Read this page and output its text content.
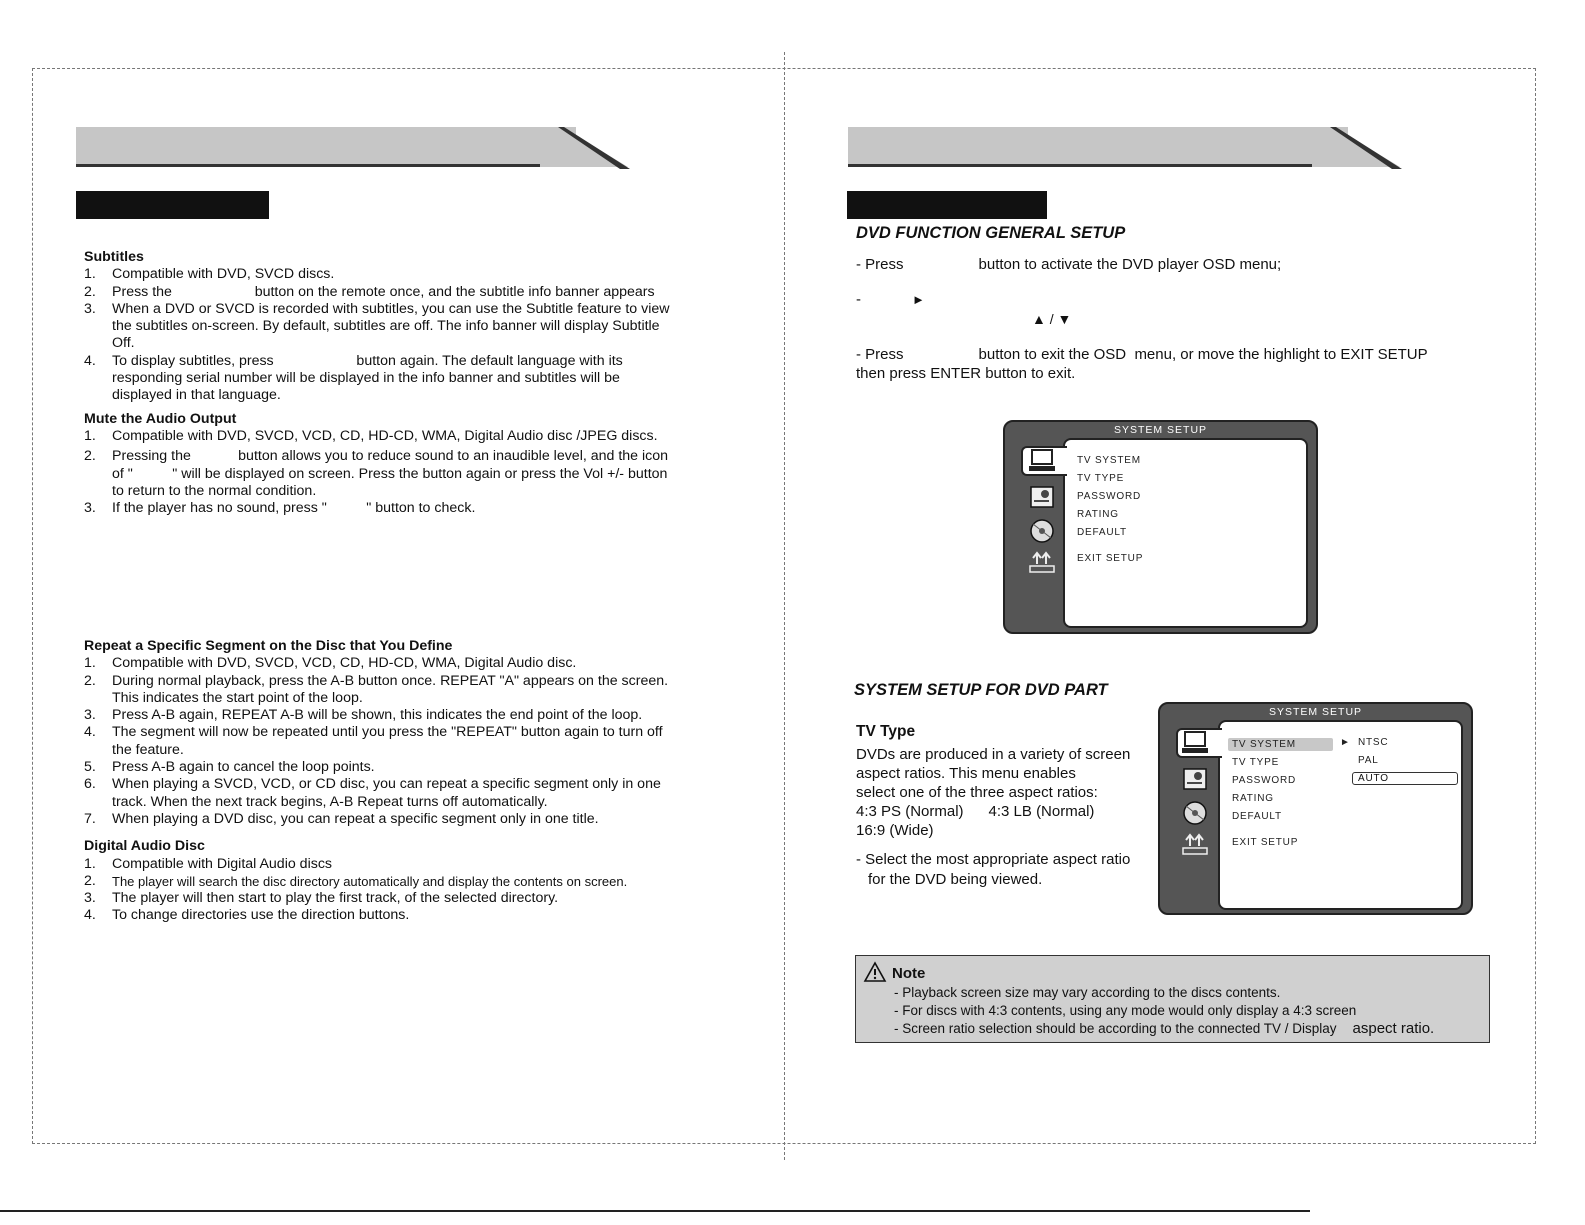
Subtitles

1. Compatible with DVD, SVCD discs.

2. Press the                     button on the remote once, and the subtitle info banner appears

3. When a DVD or SVCD is recorded with subtitles, you can use the Subtitle feature to view the subtitles on-screen. By default, subtitles are off. The info banner will display Subtitle Off.

4. To display subtitles, press                     button again. The default language with its responding serial number will be displayed in the info banner and subtitles will be displayed in that language.

Mute the Audio Output

1. Compatible with DVD, SVCD, VCD, CD, HD-CD, WMA, Digital Audio disc /JPEG discs.

2. Pressing the            button allows you to reduce sound to an inaudible level, and the icon of "          " will be displayed on screen. Press the button again or press the Vol +/- button to return to the normal condition.

3. If the player has no sound, press "          " button to check.

Repeat a Specific Segment on the Disc that You Define

1. Compatible with DVD, SVCD, VCD, CD, HD-CD, WMA, Digital Audio disc.

2. During normal playback, press the A-B button once. REPEAT "A" appears on the screen. This indicates the start point of the loop.

3. Press A-B again, REPEAT A-B will be shown, this indicates the end point of the loop.

4. The segment will now be repeated until you press the "REPEAT" button again to turn off the feature.

5. Press A-B again to cancel the loop points.

6. When playing a SVCD, VCD, or CD disc, you can repeat a specific segment only in one track. When the next track begins, A-B Repeat turns off automatically.

7. When playing a DVD disc, you can repeat a specific segment only in one title.

Digital Audio Disc

1. Compatible with Digital Audio discs

2. The player will search the disc directory automatically and display the contents on screen.

3. The player will then start to play the first track, of the selected directory.

4. To change directories use the direction buttons.

DVD FUNCTION GENERAL SETUP
- Press                  button to activate the DVD player OSD menu;
-	►
▲ / ▼
- Press                  button to exit the OSD  menu, or move the highlight to EXIT SETUP
then press ENTER button to exit.
SYSTEM SETUP
TV SYSTEM
TV TYPE
PASSWORD
RATING
DEFAULT
EXIT SETUP
SYSTEM SETUP FOR DVD PART
TV Type
DVDs are produced in a variety of screen
aspect ratios. This menu enables
select one of the three aspect ratios:
4:3 PS (Normal)      4:3 LB (Normal)
16:9 (Wide)
- Select the most appropriate aspect ratio
for the DVD being viewed.
SYSTEM SETUP
TV SYSTEM
TV TYPE
PASSWORD
RATING
DEFAULT
EXIT SETUP
► NTSC
PAL
AUTO
Note
- Playback screen size may vary according to the discs contents.
- For discs with 4:3 contents, using any mode would only display a 4:3 screen
- Screen ratio selection should be according to the connected TV / Display aspect ratio.
